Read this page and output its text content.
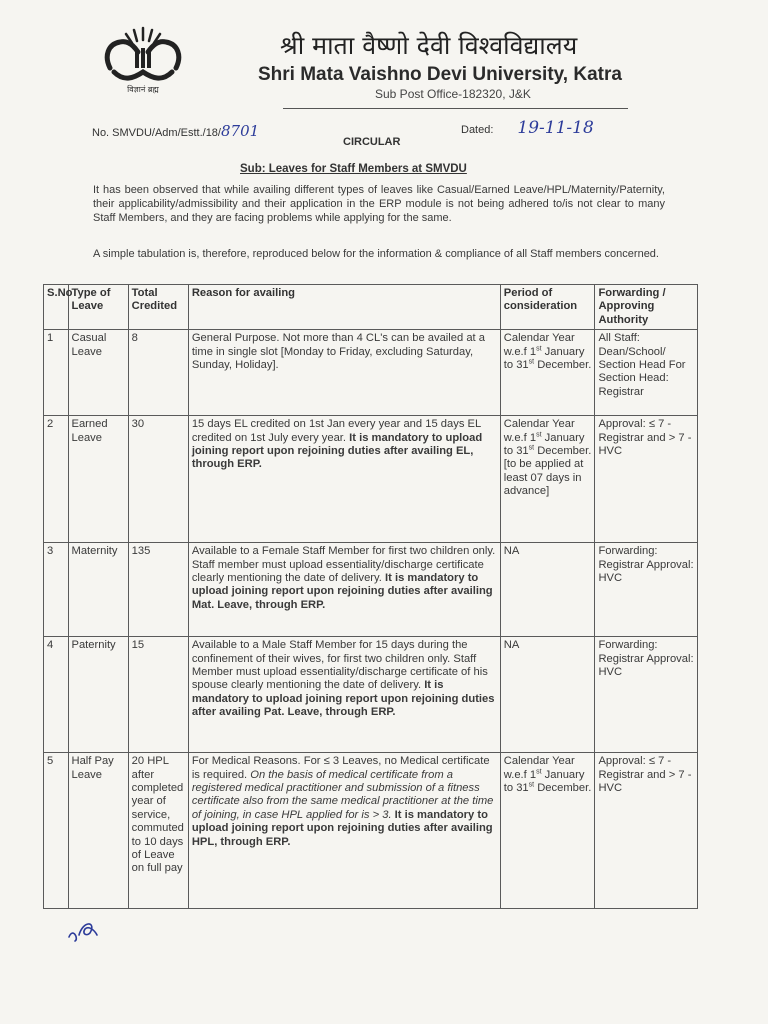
विज्ञानं ब्रह्म
श्री माता वैष्णो देवी विश्वविद्यालय
Shri Mata Vaishno Devi University, Katra
Sub Post Office-182320, J&K
No. SMVDU/Adm/Estt./18/8701	Dated: 19-11-18
CIRCULAR
Sub: Leaves for Staff Members at SMVDU
It has been observed that while availing different types of leaves like Casual/Earned Leave/HPL/Maternity/Paternity, their applicability/admissibility and their application in the ERP module is not being adhered to/is not clear to many Staff Members, and they are facing problems while applying for the same.
A simple tabulation is, therefore, reproduced below for the information & compliance of all Staff members concerned.
S.No	Type of Leave	Total Credited	Reason for availing	Period of consideration	Forwarding / Approving Authority
1	Casual Leave	8	General Purpose. Not more than 4 CL's can be availed at a time in single slot [Monday to Friday, excluding Saturday, Sunday, Holiday].	Calendar Year w.e.f 1st January to 31st December.	All Staff: Dean/School/ Section Head For Section Head: Registrar
2	Earned Leave	30	15 days EL credited on 1st Jan every year and 15 days EL credited on 1st July every year. It is mandatory to upload joining report upon rejoining duties after availing EL, through ERP.	Calendar Year w.e.f 1st January to 31st December. [to be applied at least 07 days in advance]	Approval: ≤ 7 - Registrar and > 7 - HVC
3	Maternity	135	Available to a Female Staff Member for first two children only. Staff member must upload essentiality/discharge certificate clearly mentioning the date of delivery. It is mandatory to upload joining report upon rejoining duties after availing Mat. Leave, through ERP.	NA	Forwarding: Registrar Approval: HVC
4	Paternity	15	Available to a Male Staff Member for 15 days during the confinement of their wives, for first two children only. Staff Member must upload essentiality/discharge certificate of his spouse clearly mentioning the date of delivery. It is mandatory to upload joining report upon rejoining duties after availing Pat. Leave, through ERP.	NA	Forwarding: Registrar Approval: HVC
5	Half Pay Leave	20 HPL after completed year of service, commuted to 10 days of Leave on full pay	For Medical Reasons. For ≤ 3 Leaves, no Medical certificate is required. On the basis of medical certificate from a registered medical practitioner and submission of a fitness certificate also from the same medical practitioner at the time of joining, in case HPL applied for is > 3. It is mandatory to upload joining report upon rejoining duties after availing HPL, through ERP.	Calendar Year w.e.f 1st January to 31st December.	Approval: ≤ 7 - Registrar and > 7 - HVC
